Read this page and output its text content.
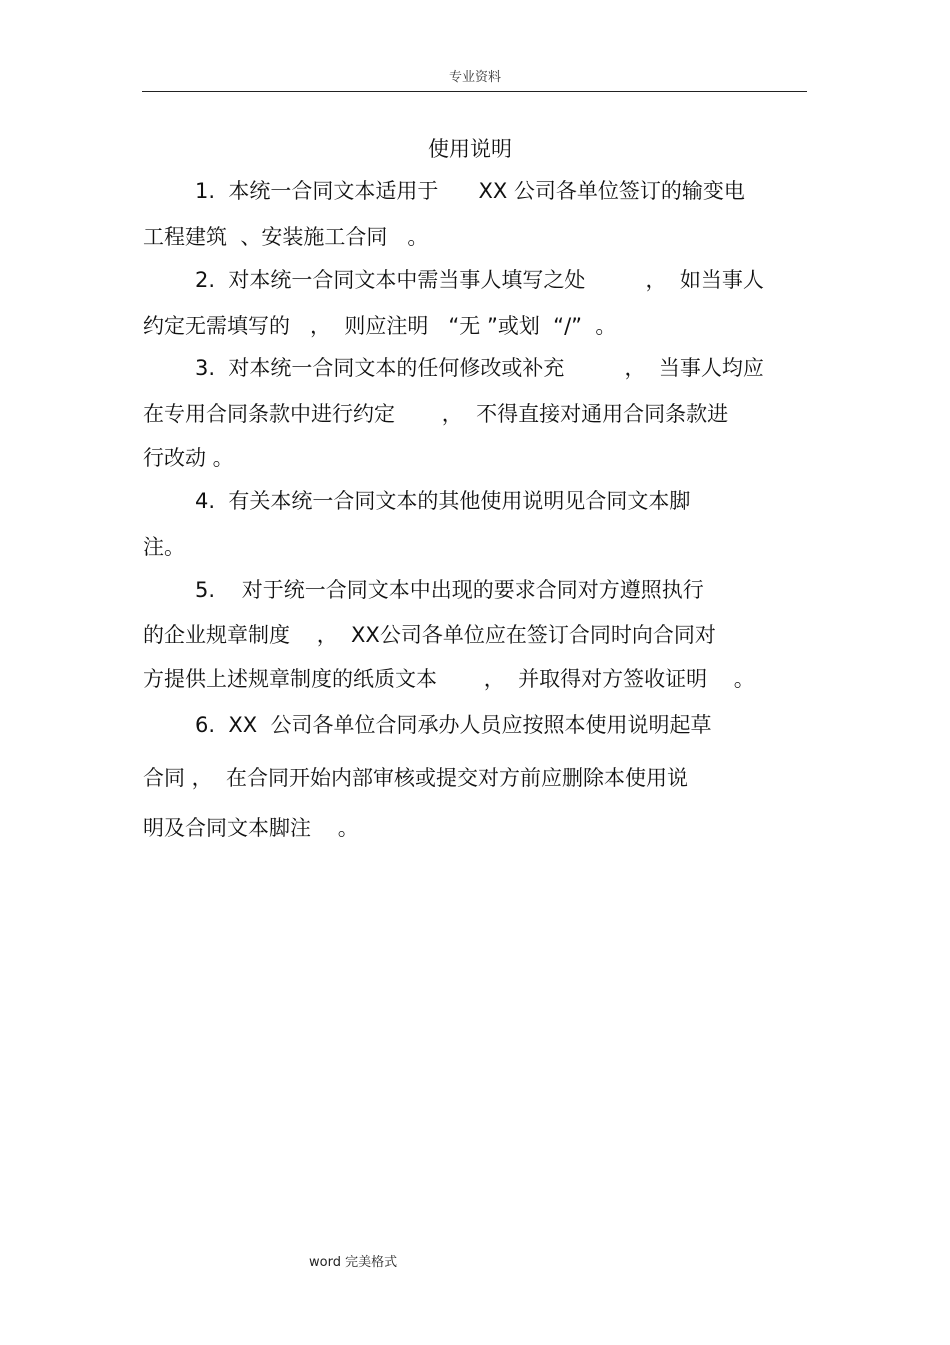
专业资料
使用说明
1.  本统一合同文本适用于      XX 公司各单位签订的输变电
工程建筑  、安装施工合同   。
2.  对本统一合同文本中需当事人填写之处         ，  如当事人
约定无需填写的   ，  则应注明   “无 ”或划  “/”  。
3.  对本统一合同文本的任何修改或补充         ，  当事人均应
在专用合同条款中进行约定       ，  不得直接对通用合同条款进
行改动 。
4.  有关本统一合同文本的其他使用说明见合同文本脚
注。
5.    对于统一合同文本中出现的要求合同对方遵照执行
的企业规章制度    ，  XX公司各单位应在签订合同时向合同对
方提供上述规章制度的纸质文本       ，  并取得对方签收证明    。
6.  XX  公司各单位合同承办人员应按照本使用说明起草
合同 ，  在合同开始内部审核或提交对方前应删除本使用说
明及合同文本脚注    。
word 完美格式
